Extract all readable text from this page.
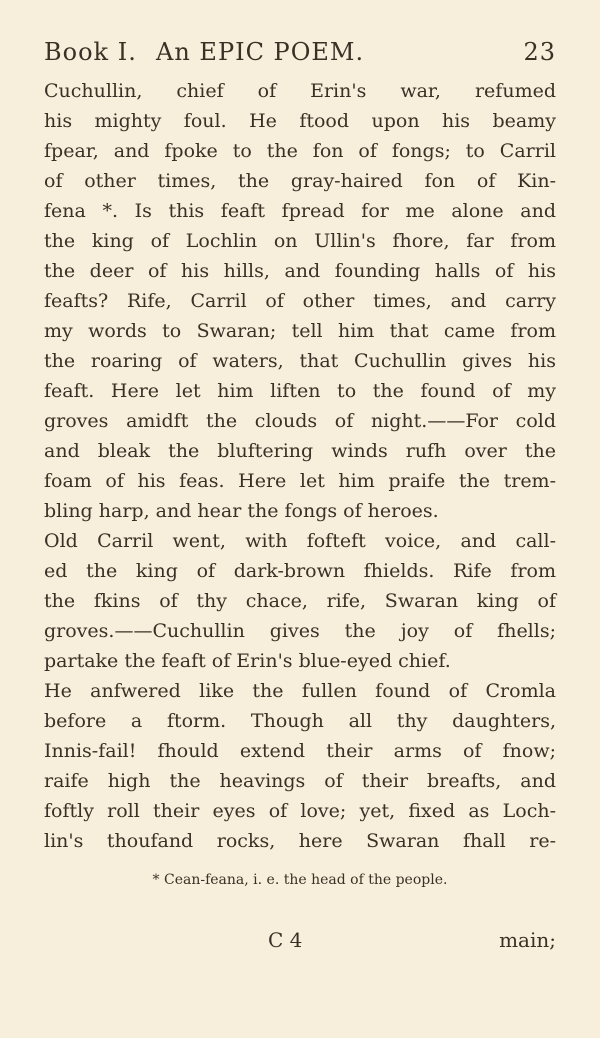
Book I. An EPIC POEM.	23
Cuchullin, chief of Erin's war, refumed
his mighty foul. He ftood upon his beamy
fpear, and fpoke to the fon of fongs; to Carril
of other times, the gray-haired fon of Kin-
fena *. Is this feaft fpread for me alone and
the king of Lochlin on Ullin's fhore, far from
the deer of his hills, and founding halls of his
feafts? Rife, Carril of other times, and carry
my words to Swaran; tell him that came from
the roaring of waters, that Cuchullin gives his
feaft. Here let him liften to the found of my
groves amidft the clouds of night.——For cold
and bleak the bluftering winds rufh over the
foam of his feas. Here let him praife the trem-
bling harp, and hear the fongs of heroes.
Old Carril went, with fofteft voice, and call-
ed the king of dark-brown fhields. Rife from
the fkins of thy chace, rife, Swaran king of
groves.——Cuchullin gives the joy of fhells;
partake the feaft of Erin's blue-eyed chief.
He anfwered like the fullen found of Cromla
before a ftorm. Though all thy daughters,
Innis-fail! fhould extend their arms of fnow;
raife high the heavings of their breafts, and
foftly roll their eyes of love; yet, fixed as Loch-
lin's thoufand rocks, here Swaran fhall re-
* Cean-feana, i. e. the head of the people.
C 4	main;
